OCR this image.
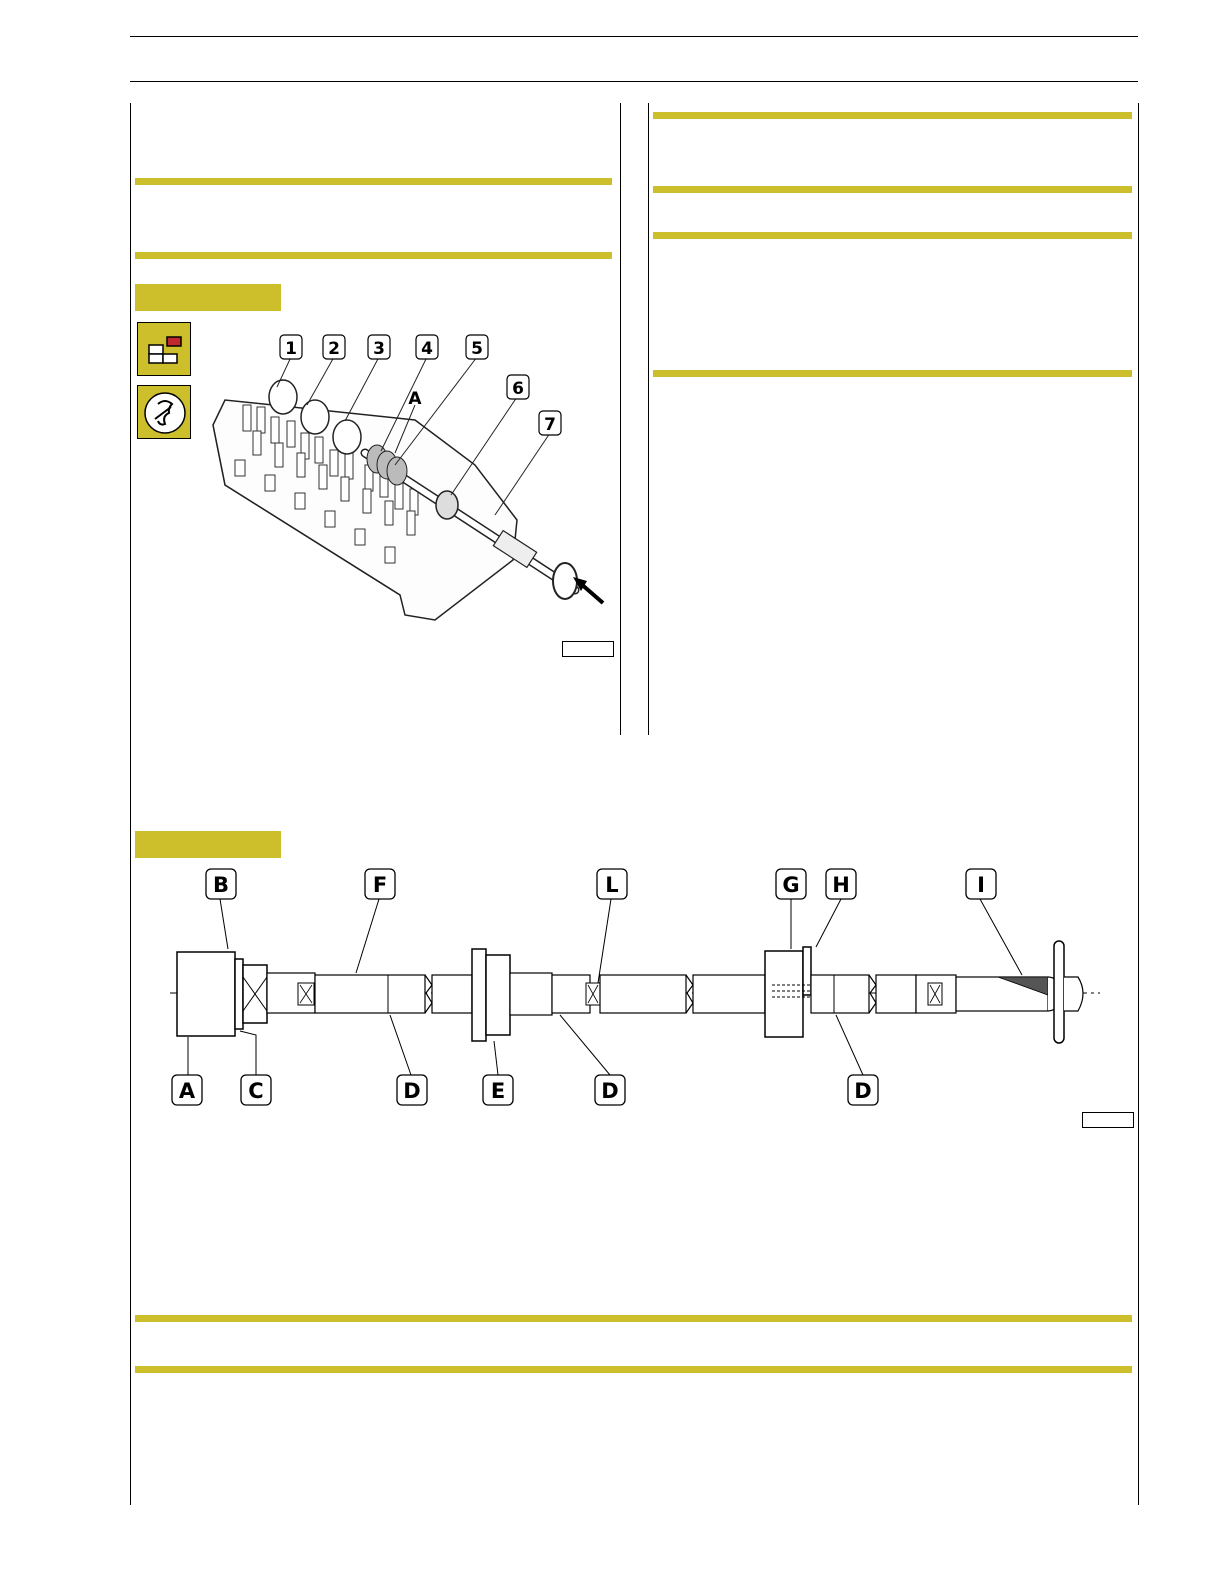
1 2 3 4 5
6
7
A
B	F	L	G H	I
A	C	D	E	D	D
